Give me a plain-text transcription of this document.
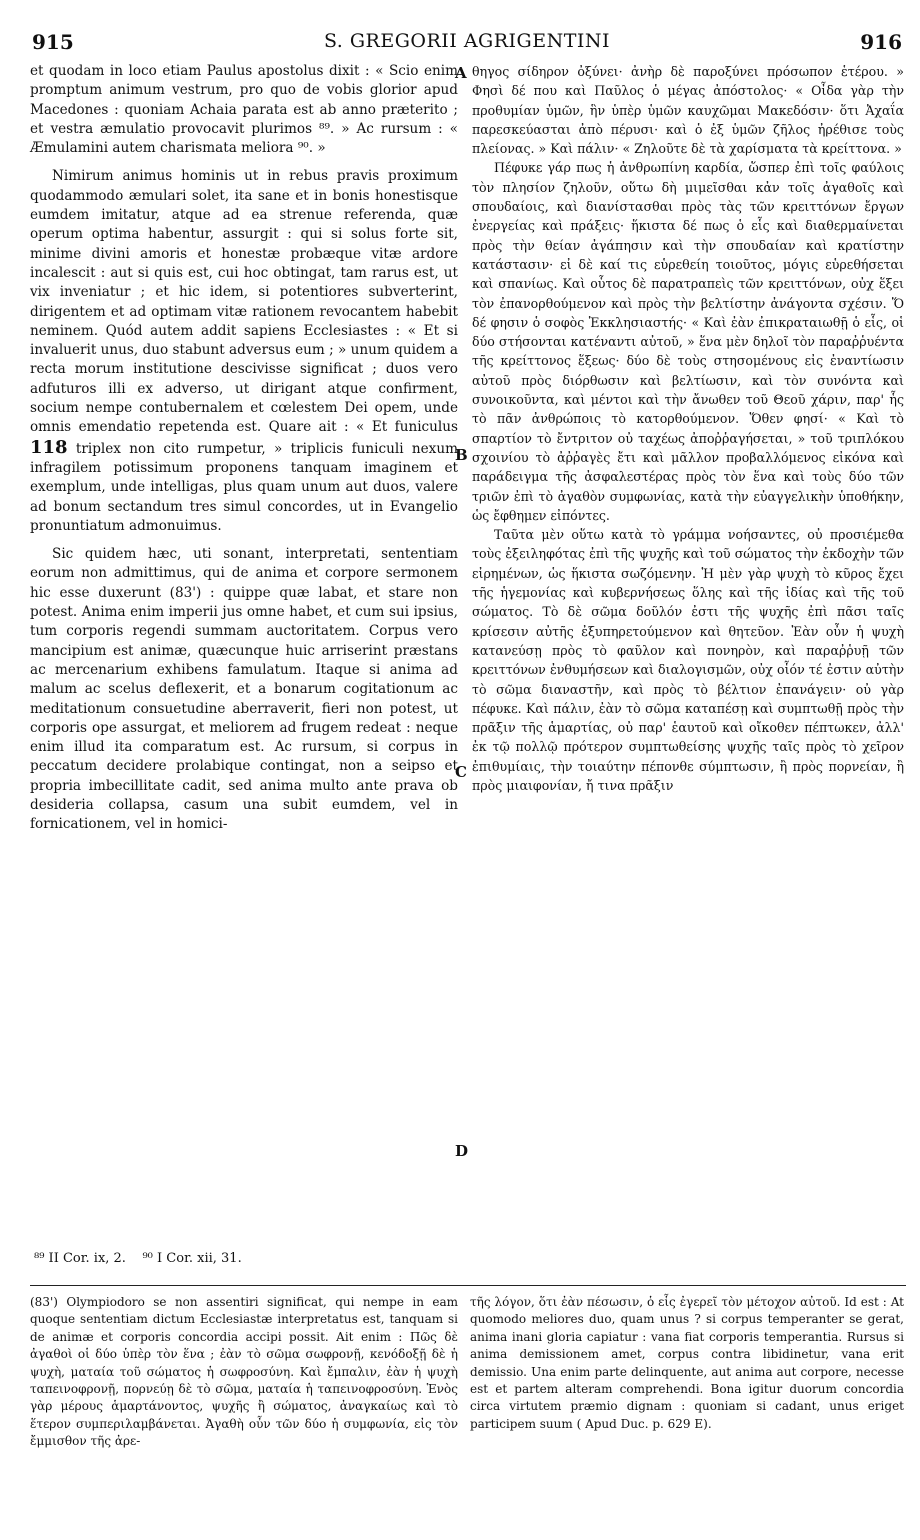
915	S. GREGORII AGRIGENTINI	916

et quodam in loco etiam Paulus apostolus dixit : « Scio enim promptum animum vestrum, pro quo de vobis glorior apud Macedones : quoniam Achaia parata est ab anno præterito ; et vestra æmulatio provocavit plurimos ⁸⁹. » Ac rursum : « Æmulamini autem charismata meliora ⁹⁰. »

Nimirum animus hominis ut in rebus pravis proximum quodammodo æmulari solet, ita sane et in bonis honestisque eumdem imitatur, atque ad ea strenue referenda, quæ operum optima habentur, assurgit : qui si solus forte sit, minime divini amoris et honestæ probæque vitæ ardore incalescit : aut si quis est, cui hoc obtingat, tam rarus est, ut vix inveniatur ; et hic idem, si potentiores subverterint, dirigentem et ad optimam vitæ rationem revocantem habebit neminem. Quód autem addit sapiens Ecclesiastes : « Et si invaluerit unus, duo stabunt adversus eum ; » unum quidem a recta morum institutione descivisse significat ; duos vero adfuturos illi ex adverso, ut dirigant atque confirment, socium nempe contubernalem et cœlestem Dei opem, unde omnis emendatio repetenda est. Quare ait : « Et funiculus 118 triplex non cito rumpetur, » triplicis funiculi nexum infragilem potissimum proponens tanquam imaginem et exemplum, unde intelligas, plus quam unum aut duos, valere ad bonum sectandum tres simul concordes, ut in Evangelio pronuntiatum admonuimus.

Sic quidem hæc, uti sonant, interpretati, sententiam eorum non admittimus, qui de anima et corpore sermonem hic esse duxerunt (83') : quippe quæ labat, et stare non potest. Anima enim imperii jus omne habet, et cum sui ipsius, tum corporis regendi summam auctoritatem. Corpus vero mancipium est animæ, quæcunque huic arriserint præstans ac mercenarium exhibens famulatum. Itaque si anima ad malum ac scelus deflexerit, et a bonarum cogitationum ac meditationum consuetudine aberraverit, fieri non potest, ut corporis ope assurgat, et meliorem ad frugem redeat : neque enim illud ita comparatum est. Ac rursum, si corpus in peccatum decidere prolabique contingat, non a seipso et propria imbecillitate cadit, sed anima multo ante prava ob desideria collapsa, casum una subit eumdem, vel in fornicationem, vel in homici-

A
B
C
D

θηγος σίδηρον ὀξύνει· ἀνὴρ δὲ παροξύνει πρόσωπον ἑτέρου. » Φησὶ δέ που καὶ Παῦλος ὁ μέγας ἀπόστολος· « Οἶδα γὰρ τὴν προθυμίαν ὑμῶν, ἣν ὑπὲρ ὑμῶν καυχῶμαι Μακεδόσιν· ὅτι Ἀχαΐα παρεσκεύασται ἀπὸ πέρυσι· καὶ ὁ ἐξ ὑμῶν ζῆλος ἠρέθισε τοὺς πλείονας. » Καὶ πάλιν· « Ζηλοῦτε δὲ τὰ χαρίσματα τὰ κρείττονα. »

Πέφυκε γάρ πως ἡ ἀνθρωπίνη καρδία, ὥσπερ ἐπὶ τοῖς φαύλοις τὸν πλησίον ζηλοῦν, οὕτω δὴ μιμεῖσθαι κἀν τοῖς ἀγαθοῖς καὶ σπουδαίοις, καὶ διανίστασθαι πρὸς τὰς τῶν κρειττόνων ἔργων ἐνεργείας καὶ πράξεις· ἥκιστα δέ πως ὁ εἷς καὶ διαθερμαίνεται πρὸς τὴν θείαν ἀγάπησιν καὶ τὴν σπουδαίαν καὶ κρατίστην κατάστασιν· εἰ δὲ καί τις εὑρεθείη τοιοῦτος, μόγις εὑρεθήσεται καὶ σπανίως. Καὶ οὗτος δὲ παρατραπεὶς τῶν κρειττόνων, οὐχ ἕξει τὸν ἐπανορθούμενον καὶ πρὸς τὴν βελτίστην ἀνάγοντα σχέσιν. Ὅ δέ φησιν ὁ σοφὸς Ἐκκλησιαστής· « Καὶ ἐὰν ἐπικραταιωθῇ ὁ εἷς, οἱ δύο στήσονται κατέναντι αὐτοῦ, » ἕνα μὲν δηλοῖ τὸν παραῤῥυέντα τῆς κρείττονος ἕξεως· δύο δὲ τοὺς στησομένους εἰς ἐναντίωσιν αὐτοῦ πρὸς διόρθωσιν καὶ βελτίωσιν, καὶ τὸν συνόντα καὶ συνοικοῦντα, καὶ μέντοι καὶ τὴν ἄνωθεν τοῦ Θεοῦ χάριν, παρ' ἧς τὸ πᾶν ἀνθρώποις τὸ κατορθούμενον. Ὅθεν φησί· « Καὶ τὸ σπαρτίον τὸ ἔντριτον οὐ ταχέως ἀποῤῥαγήσεται, » τοῦ τριπλόκου σχοινίου τὸ ἀῤῥαγὲς ἔτι καὶ μᾶλλον προβαλλόμενος εἰκόνα καὶ παράδειγμα τῆς ἀσφαλεστέρας πρὸς τὸν ἕνα καὶ τοὺς δύο τῶν τριῶν ἐπὶ τὸ ἀγαθὸν συμφωνίας, κατὰ τὴν εὐαγγελικὴν ὑποθήκην, ὡς ἔφθημεν εἰπόντες.

Ταῦτα μὲν οὕτω κατὰ τὸ γράμμα νοήσαντες, οὐ προσιέμεθα τοὺς ἐξειληφότας ἐπὶ τῆς ψυχῆς καὶ τοῦ σώματος τὴν ἐκδοχὴν τῶν εἰρημένων, ὡς ἥκιστα σωζόμενην. Ἡ μὲν γὰρ ψυχὴ τὸ κῦρος ἔχει τῆς ἡγεμονίας καὶ κυβερνήσεως ὅλης καὶ τῆς ἰδίας καὶ τῆς τοῦ σώματος. Τὸ δὲ σῶμα δοῦλόν ἐστι τῆς ψυχῆς ἐπὶ πᾶσι ταῖς κρίσεσιν αὐτῆς ἐξυπηρετούμενον καὶ θητεῦον. Ἐὰν οὖν ἡ ψυχὴ κατανεύσῃ πρὸς τὸ φαῦλον καὶ πονηρὸν, καὶ παραῤῥυῇ τῶν κρειττόνων ἐνθυμήσεων καὶ διαλογισμῶν, οὐχ οἷόν τέ ἐστιν αὐτὴν τὸ σῶμα διαναστῆν, καὶ πρὸς τὸ βέλτιον ἐπανάγειν· οὐ γὰρ πέφυκε. Καὶ πάλιν, ἐὰν τὸ σῶμα καταπέσῃ καὶ συμπτωθῇ πρὸς τὴν πρᾶξιν τῆς ἁμαρτίας, οὐ παρ' ἑαυτοῦ καὶ οἴκοθεν πέπτωκεν, ἀλλ' ἐκ τῷ πολλῷ πρότερον συμπτωθείσης ψυχῆς ταῖς πρὸς τὸ χεῖρον ἐπιθυμίαις, τὴν τοιαύτην πέπονθε σύμπτωσιν, ἢ πρὸς πορνείαν, ἢ πρὸς μιαιφονίαν, ἤ τινα πρᾶξιν

⁸⁹ II Cor. ix, 2.    ⁹⁰ I Cor. xii, 31.

(83') Olympiodoro se non assentiri significat, qui nempe in eam quoque sententiam dictum Ecclesiastæ interpretatus est, tanquam si de animæ et corporis concordia accipi possit. Ait enim : Πῶς δὲ ἀγαθοὶ οἱ δύο ὑπὲρ τὸν ἕνα ; ἐὰν τὸ σῶμα σωφρονῇ, κενόδοξῇ δὲ ἡ ψυχὴ, ματαία τοῦ σώματος ἡ σωφροσύνη. Καὶ ἔμπαλιν, ἐὰν ἡ ψυχὴ ταπεινοφρονῇ, πορνεύῃ δὲ τὸ σῶμα, ματαία ἡ ταπεινοφροσύνη. Ἑνὸς γὰρ μέρους ἁμαρτάνοντος, ψυχῆς ἢ σώματος, ἀναγκαίως καὶ τὸ ἕτερον συμπεριλαμβάνεται. Ἀγαθὴ οὖν τῶν δύο ἡ συμφωνία, εἰς τὸν ἔμμισθον τῆς ἀρε-

τῆς λόγον, ὅτι ἐὰν πέσωσιν, ὁ εἷς ἐγερεῖ τὸν μέτοχον αὐτοῦ. Id est : At quomodo meliores duo, quam unus ? si corpus temperanter se gerat, anima inani gloria capiatur : vana fiat corporis temperantia. Rursus si anima demissionem amet, corpus contra libidinetur, vana erit demissio. Una enim parte delinquente, aut anima aut corpore, necesse est et partem alteram comprehendi. Bona igitur duorum concordia circa virtutem præmio dignam : quoniam si cadant, unus eriget participem suum ( Apud Duc. p. 629 E).
